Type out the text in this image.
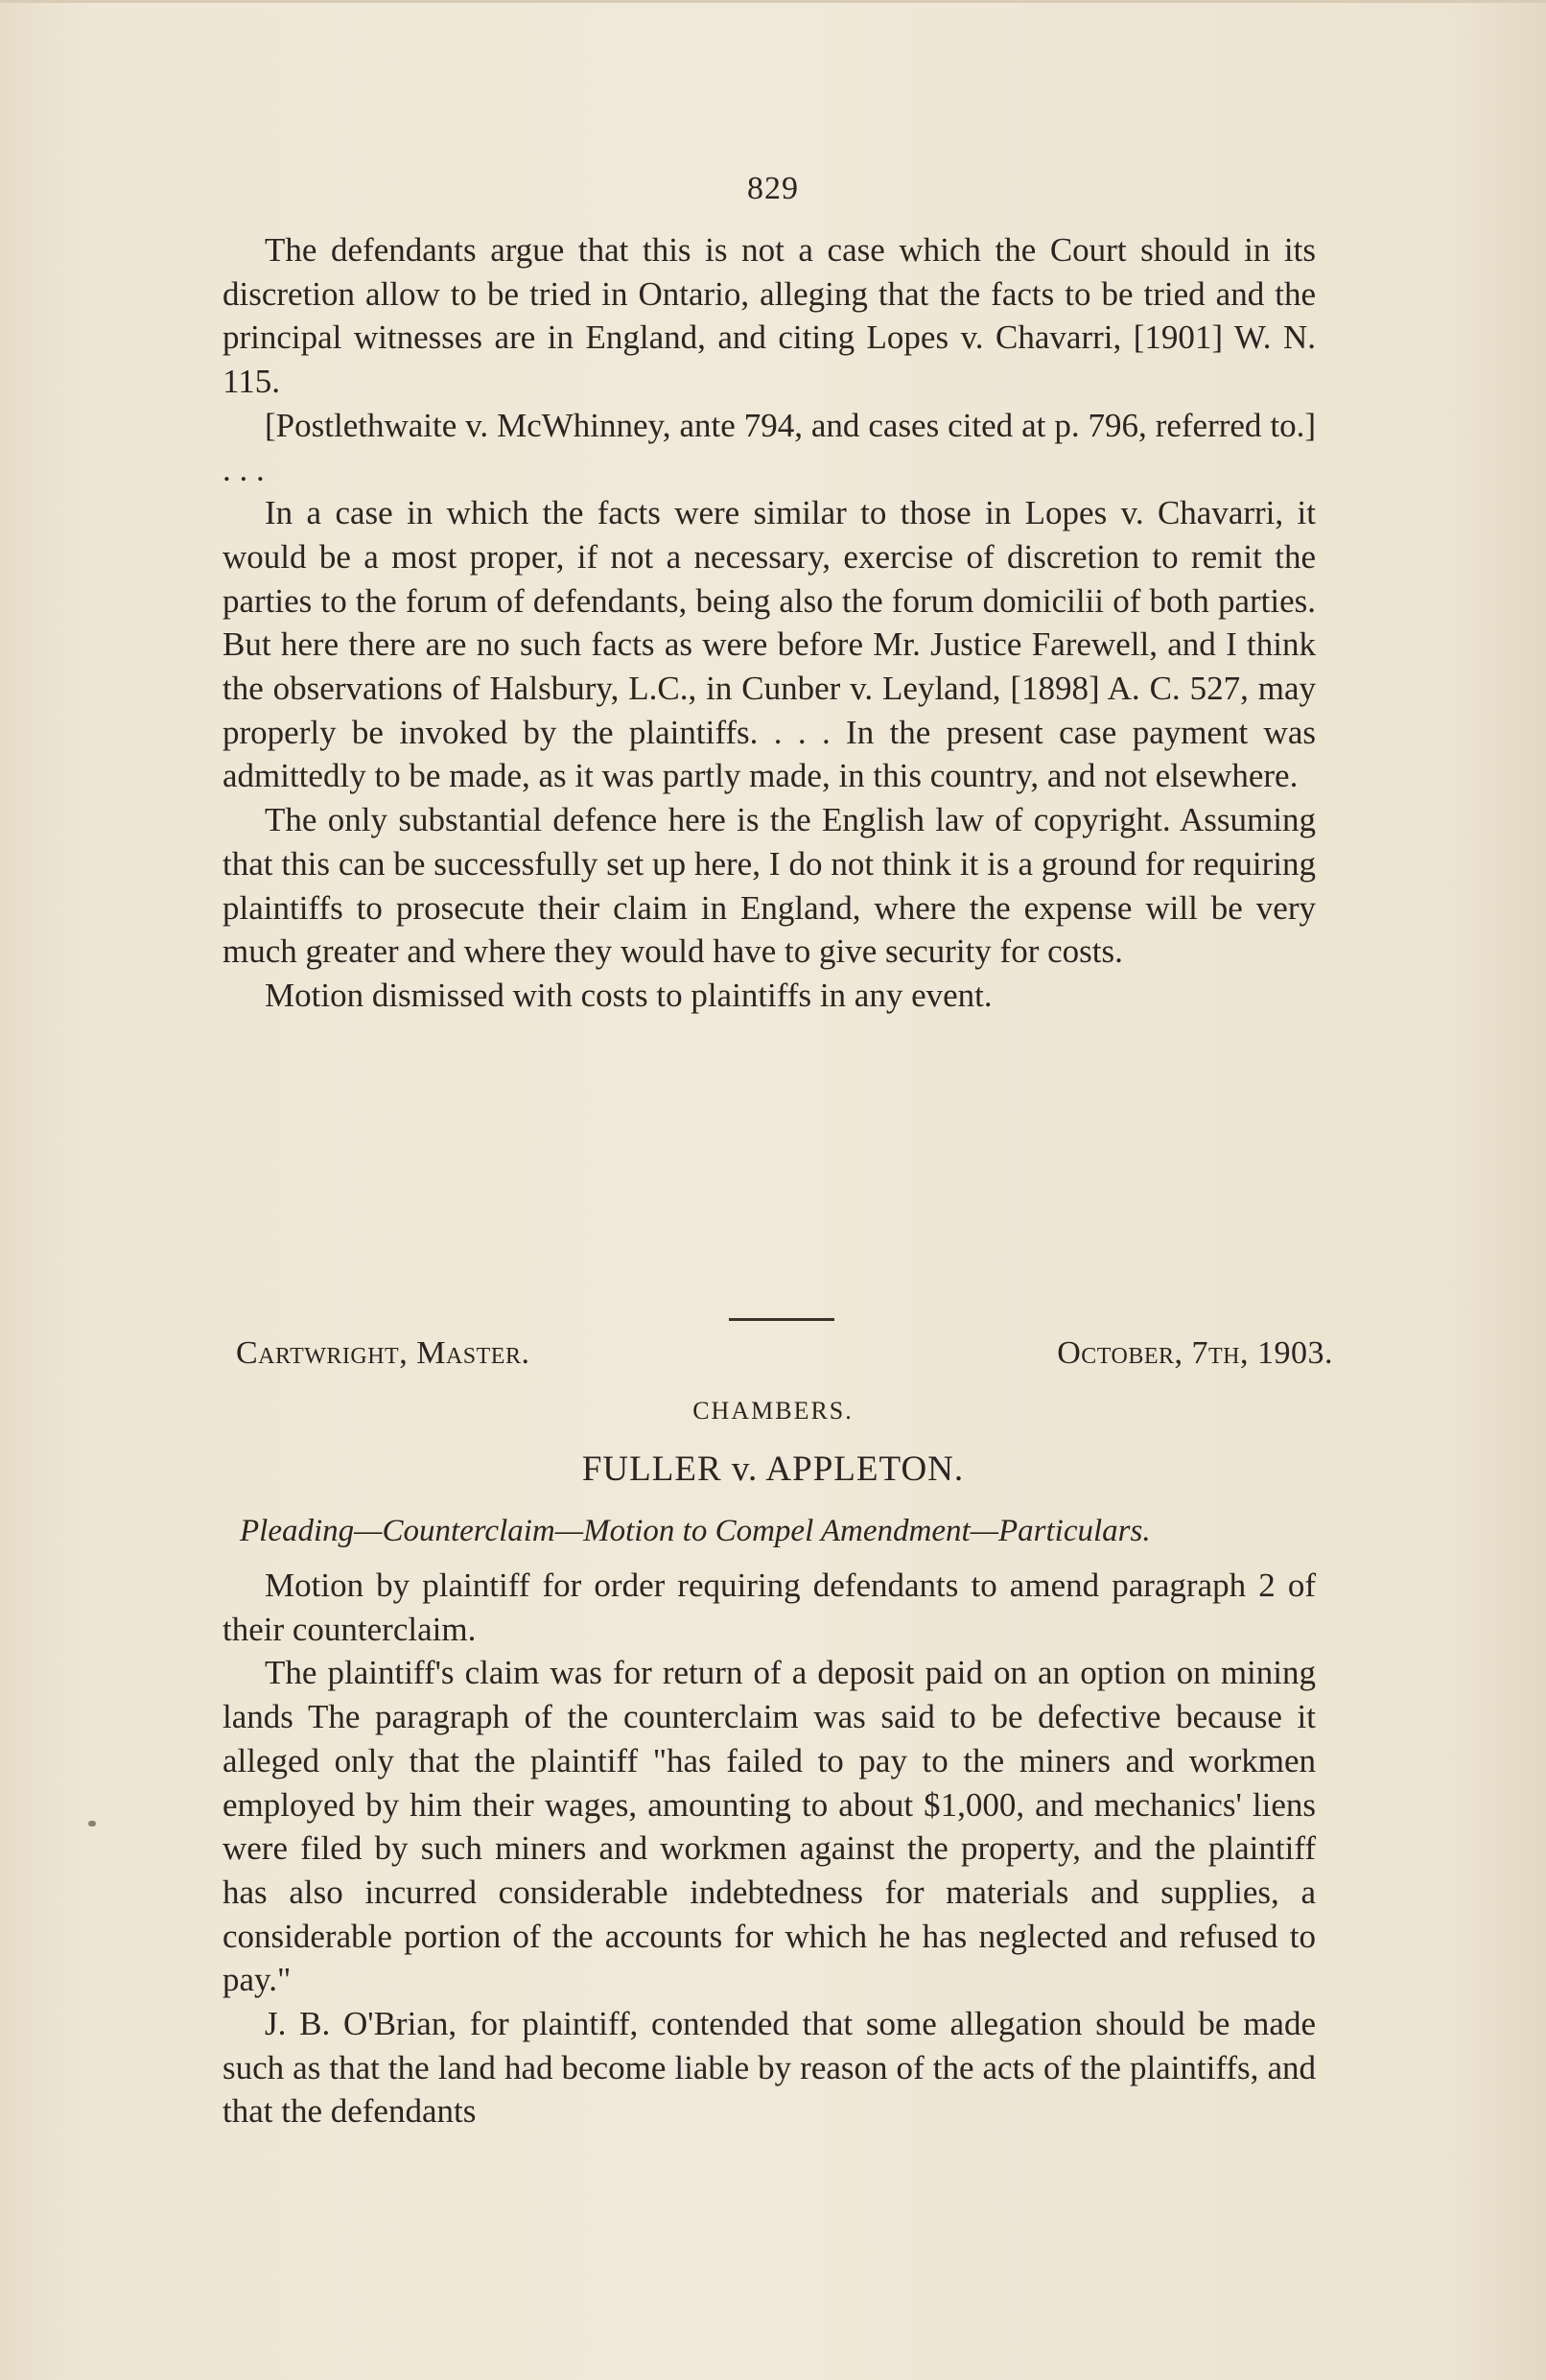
829

The defendants argue that this is not a case which the Court should in its discretion allow to be tried in Ontario, alleging that the facts to be tried and the principal witnesses are in England, and citing Lopes v. Chavarri, [1901] W. N. 115.

[Postlethwaite v. McWhinney, ante 794, and cases cited at p. 796, referred to.] . . .

In a case in which the facts were similar to those in Lopes v. Chavarri, it would be a most proper, if not a necessary, exercise of discretion to remit the parties to the forum of defendants, being also the forum domicilii of both parties. But here there are no such facts as were before Mr. Justice Farewell, and I think the observations of Halsbury, L.C., in Cunber v. Leyland, [1898] A. C. 527, may properly be invoked by the plaintiffs. . . . In the present case payment was admittedly to be made, as it was partly made, in this country, and not elsewhere.

The only substantial defence here is the English law of copyright. Assuming that this can be successfully set up here, I do not think it is a ground for requiring plaintiffs to prosecute their claim in England, where the expense will be very much greater and where they would have to give security for costs.

Motion dismissed with costs to plaintiffs in any event.

Cartwright, Master.	October, 7th, 1903.
CHAMBERS.
FULLER v. APPLETON.
Pleading—Counterclaim—Motion to Compel Amendment—Particulars.

Motion by plaintiff for order requiring defendants to amend paragraph 2 of their counterclaim.

The plaintiff's claim was for return of a deposit paid on an option on mining lands The paragraph of the counterclaim was said to be defective because it alleged only that the plaintiff "has failed to pay to the miners and workmen employed by him their wages, amounting to about $1,000, and mechanics' liens were filed by such miners and workmen against the property, and the plaintiff has also incurred considerable indebtedness for materials and supplies, a considerable portion of the accounts for which he has neglected and refused to pay."

J. B. O'Brian, for plaintiff, contended that some allegation should be made such as that the land had become liable by reason of the acts of the plaintiffs, and that the defendants
